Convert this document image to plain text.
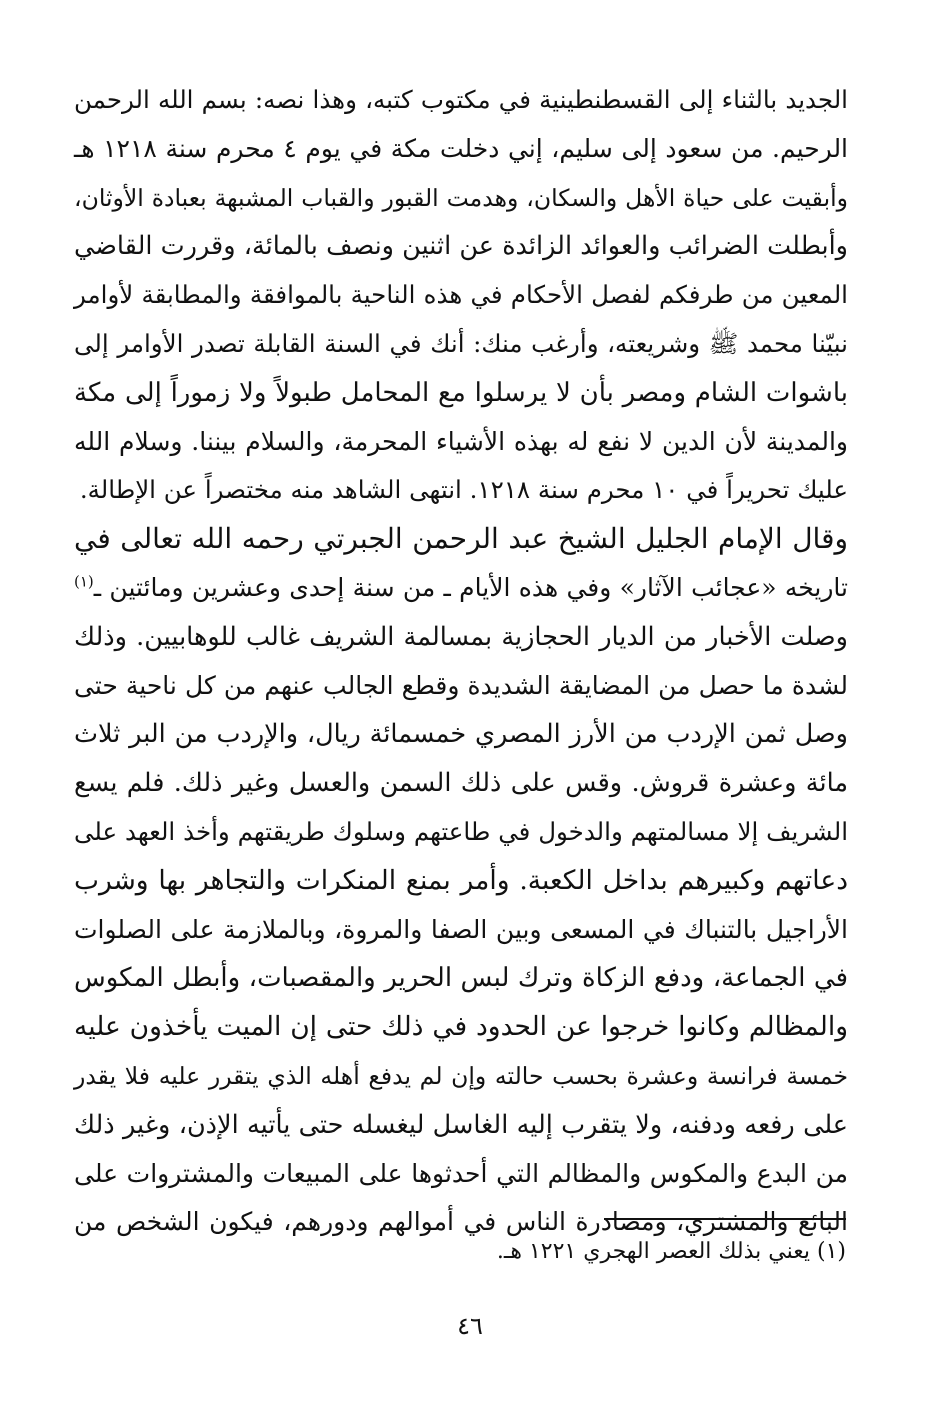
الجديد بالثناء إلى القسطنطينية في مكتوب كتبه، وهذا نصه: بسم الله الرحمن
الرحيم. من سعود إلى سليم، إني دخلت مكة في يوم ٤ محرم سنة ١٢١٨ هـ
وأبقيت على حياة الأهل والسكان، وهدمت القبور والقباب المشبهة بعبادة الأوثان،
وأبطلت الضرائب والعوائد الزائدة عن اثنين ونصف بالمائة، وقررت القاضي
المعين من طرفكم لفصل الأحكام في هذه الناحية بالموافقة والمطابقة لأوامر
نبيّنا محمد ﷺ وشريعته، وأرغب منك: أنك في السنة القابلة تصدر الأوامر إلى
باشوات الشام ومصر بأن لا يرسلوا مع المحامل طبولاً ولا زموراً إلى مكة
والمدينة لأن الدين لا نفع له بهذه الأشياء المحرمة، والسلام بيننا. وسلام الله
عليك تحريراً في ١٠ محرم سنة ١٢١٨. انتهى الشاهد منه مختصراً عن الإطالة.
وقال الإمام الجليل الشيخ عبد الرحمن الجبرتي رحمه الله تعالى في
تاريخه «عجائب الآثار» وفي هذه الأيام ـ من سنة إحدى وعشرين ومائتين ـ$^{(١)}$
وصلت الأخبار من الديار الحجازية بمسالمة الشريف غالب للوهابيين. وذلك
لشدة ما حصل من المضايقة الشديدة وقطع الجالب عنهم من كل ناحية حتى
وصل ثمن الإردب من الأرز المصري خمسمائة ريال، والإردب من البر ثلاث
مائة وعشرة قروش. وقس على ذلك السمن والعسل وغير ذلك. فلم يسع
الشريف إلا مسالمتهم والدخول في طاعتهم وسلوك طريقتهم وأخذ العهد على
دعاتهم وكبيرهم بداخل الكعبة. وأمر بمنع المنكرات والتجاهر بها وشرب
الأراجيل بالتنباك في المسعى وبين الصفا والمروة، وبالملازمة على الصلوات
في الجماعة، ودفع الزكاة وترك لبس الحرير والمقصبات، وأبطل المكوس
والمظالم وكانوا خرجوا عن الحدود في ذلك حتى إن الميت يأخذون عليه
خمسة فرانسة وعشرة بحسب حالته وإن لم يدفع أهله الذي يتقرر عليه فلا يقدر
على رفعه ودفنه، ولا يتقرب إليه الغاسل ليغسله حتى يأتيه الإذن، وغير ذلك
من البدع والمكوس والمظالم التي أحدثوها على المبيعات والمشتروات على
البائع والمشتري، ومصادرة الناس في أموالهم ودورهم، فيكون الشخص من
(١) يعني بذلك العصر الهجري ١٢٢١ هـ.
٤٦
